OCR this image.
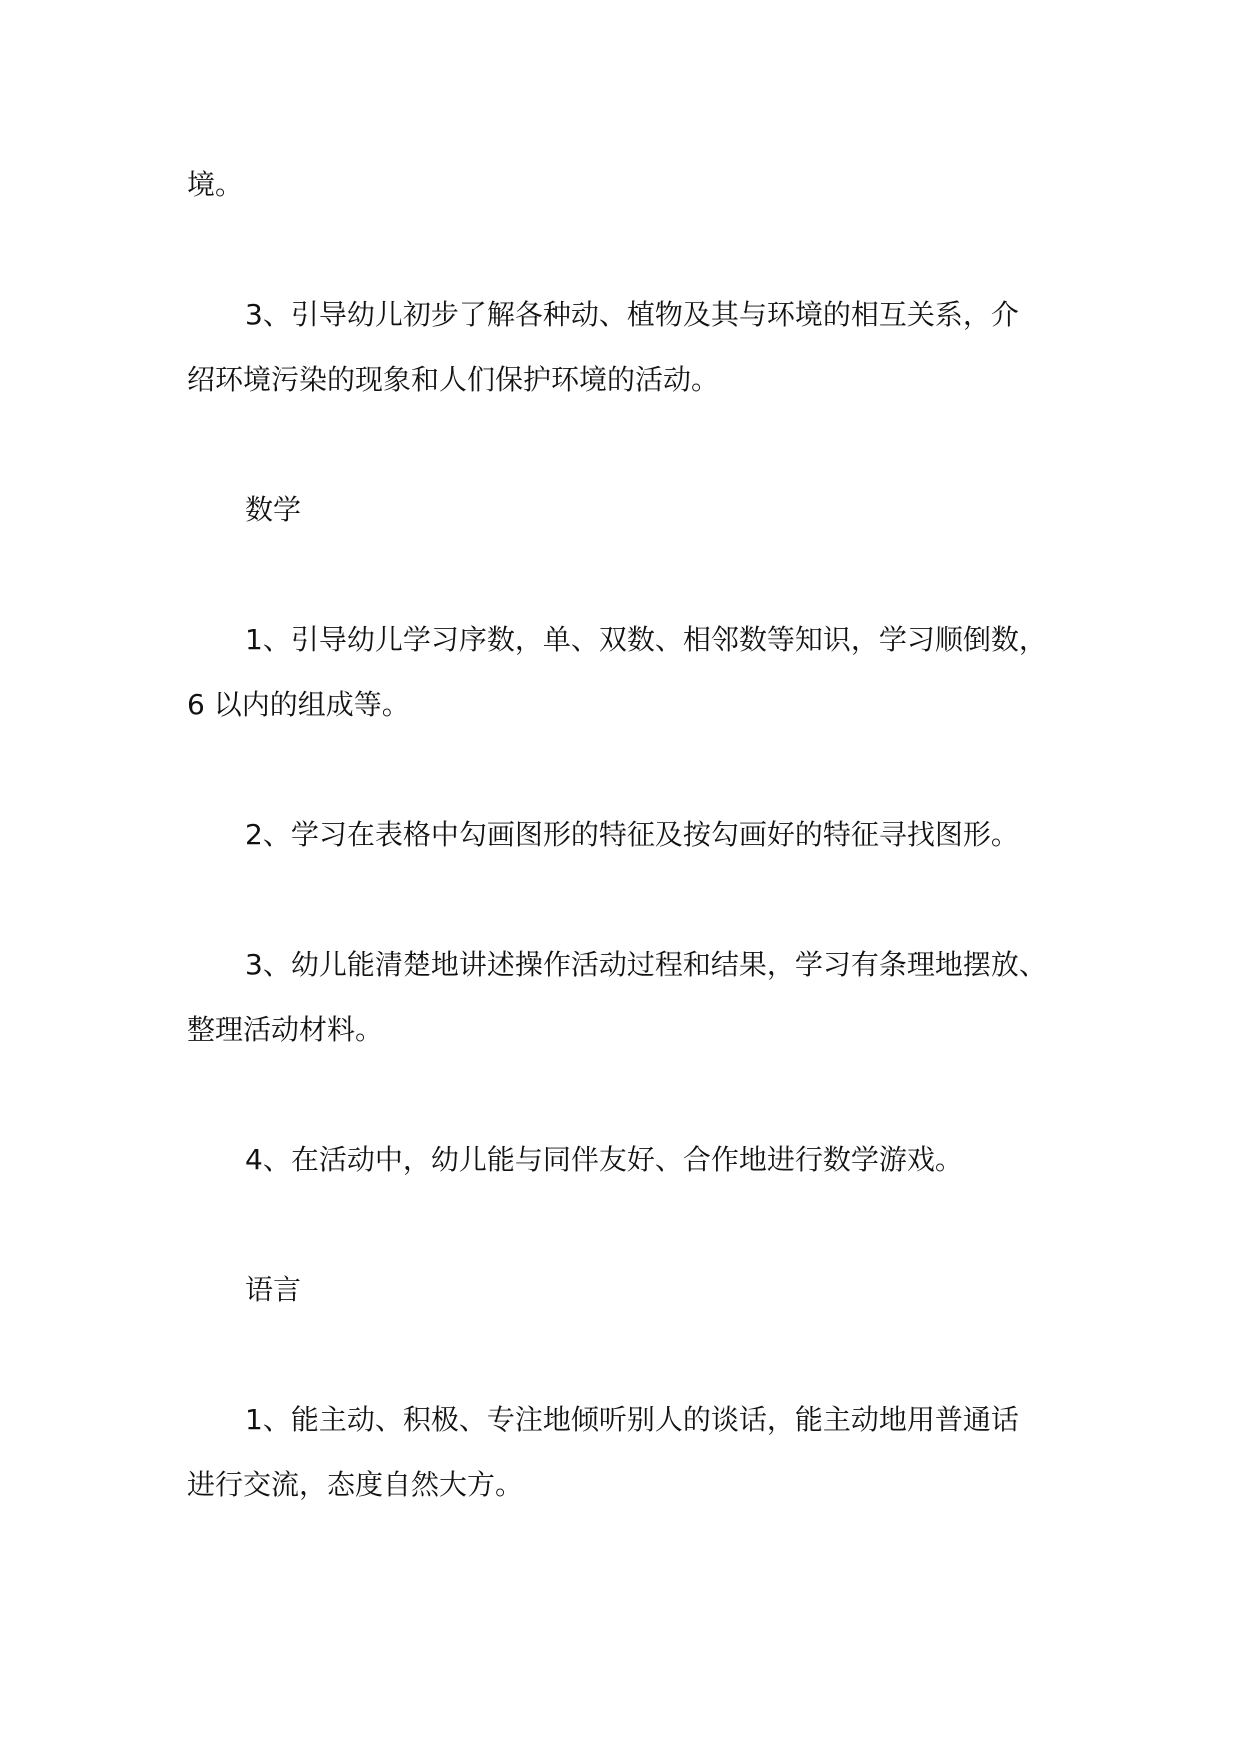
境。

3、引导幼儿初步了解各种动、植物及其与环境的相互关系，介

绍环境污染的现象和人们保护环境的活动。

数学

1、引导幼儿学习序数，单、双数、相邻数等知识，学习顺倒数，

6 以内的组成等。

2、学习在表格中勾画图形的特征及按勾画好的特征寻找图形。

3、幼儿能清楚地讲述操作活动过程和结果，学习有条理地摆放、

整理活动材料。

4、在活动中，幼儿能与同伴友好、合作地进行数学游戏。

语言

1、能主动、积极、专注地倾听别人的谈话，能主动地用普通话

进行交流，态度自然大方。
